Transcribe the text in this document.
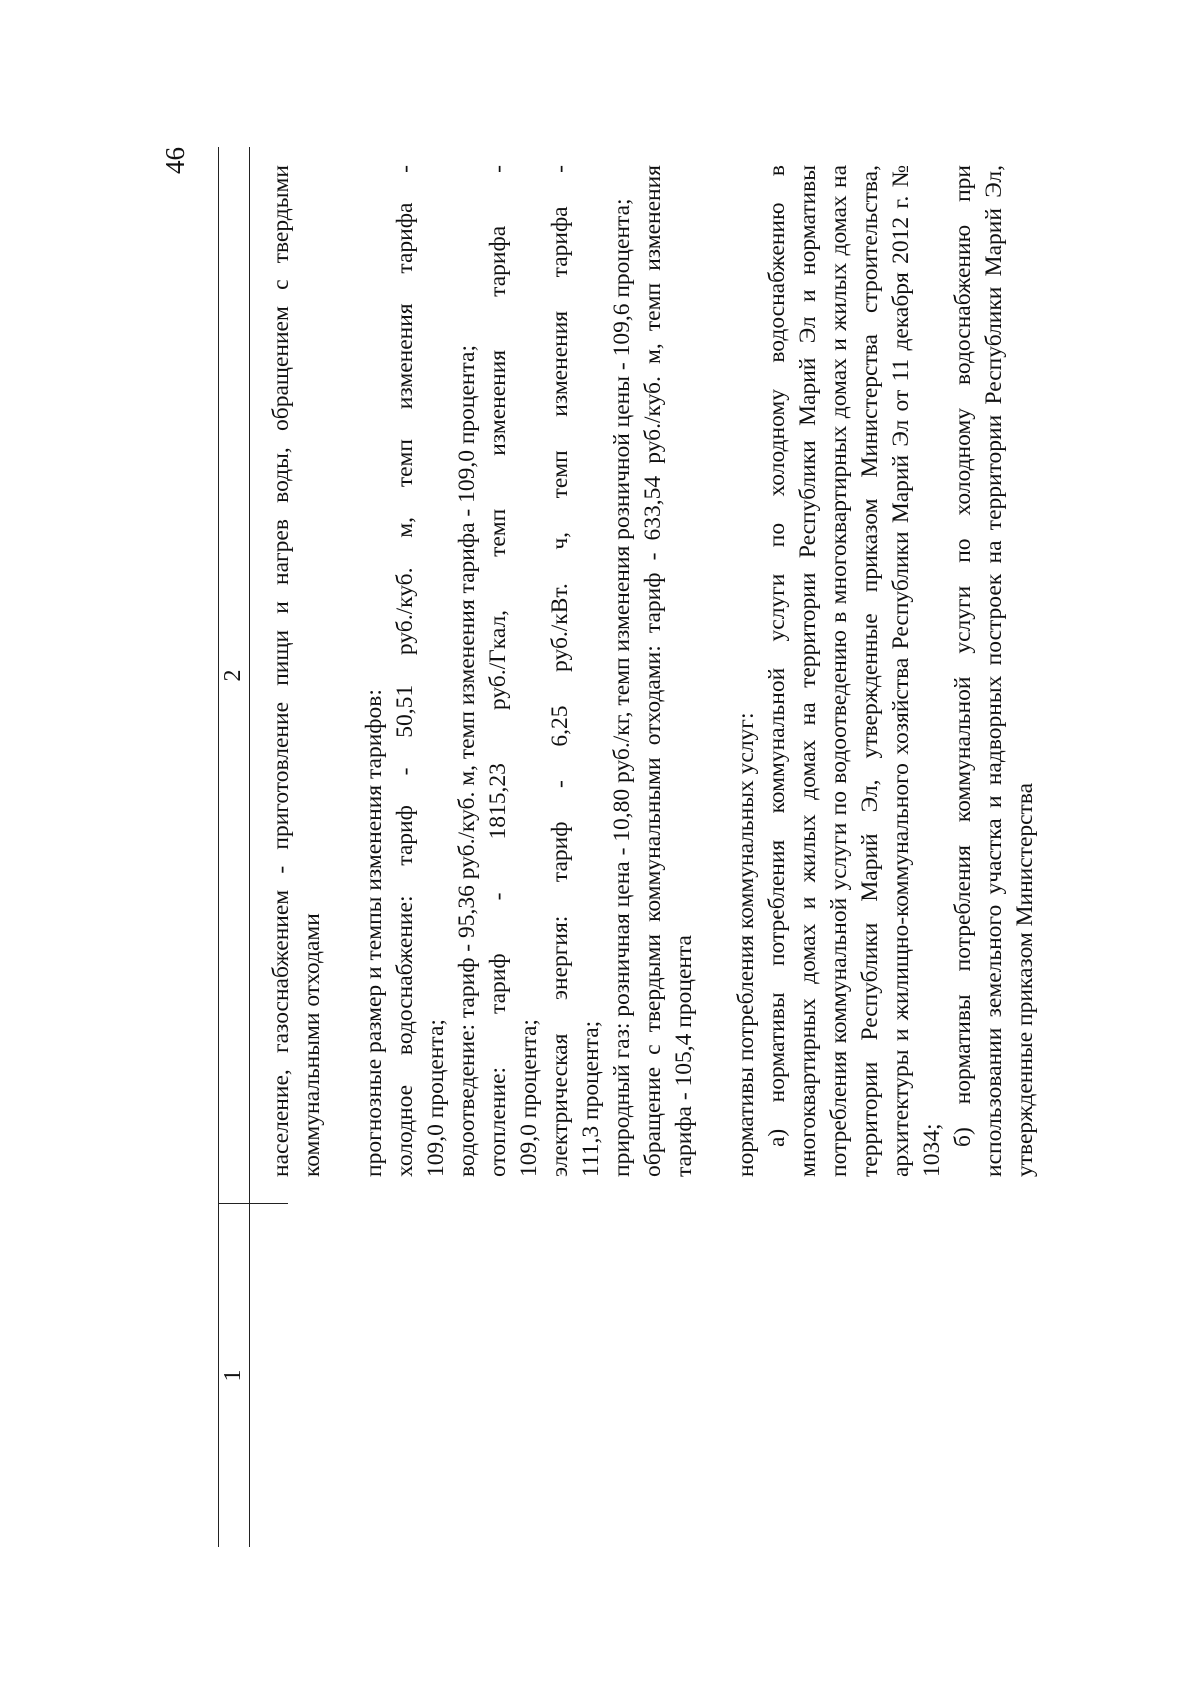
46
1
2 население, газоснабжением - приготовление пищи и нагрев воды, обращением с твердыми коммунальными отходами прогнозные размер и темпы изменения тарифов: холодное водоснабжение: тариф - 50,51 руб./куб. м, темп изменения тарифа - 109,0 процента; водоотведение: тариф - 95,36 руб./куб. м, темп изменения тарифа - 109,0 процента; отопление: тариф - 1815,23 руб./Гкал, темп изменения тарифа - 109,0 процента; электрическая энергия: тариф - 6,25 руб./кВт. ч, темп изменения тарифа - 111,3 процента; природный газ: розничная цена - 10,80 руб./кг, темп изменения розничной цены - 109,6 процента; обращение с твердыми коммунальными отходами: тариф - 633,54 руб./куб. м, темп изменения тарифа - 105,4 процента нормативы потребления коммунальных услуг: а) нормативы потребления коммунальной услуги по холодному водоснабжению в многоквартирных домах и жилых домах на территории Республики Марий Эл и нормативы потребления коммунальной услуги по водоотведению в многоквартирных домах и жилых домах на территории Республики Марий Эл, утвержденные приказом Министерства строительства, архитектуры и жилищно-коммунального хозяйства Республики Марий Эл от 11 декабря 2012 г. № 1034;

б) нормативы потребления коммунальной услуги по холодному водоснабжению при использовании земельного участка и надворных построек на территории Республики Марий Эл, утвержденные приказом Министерства
